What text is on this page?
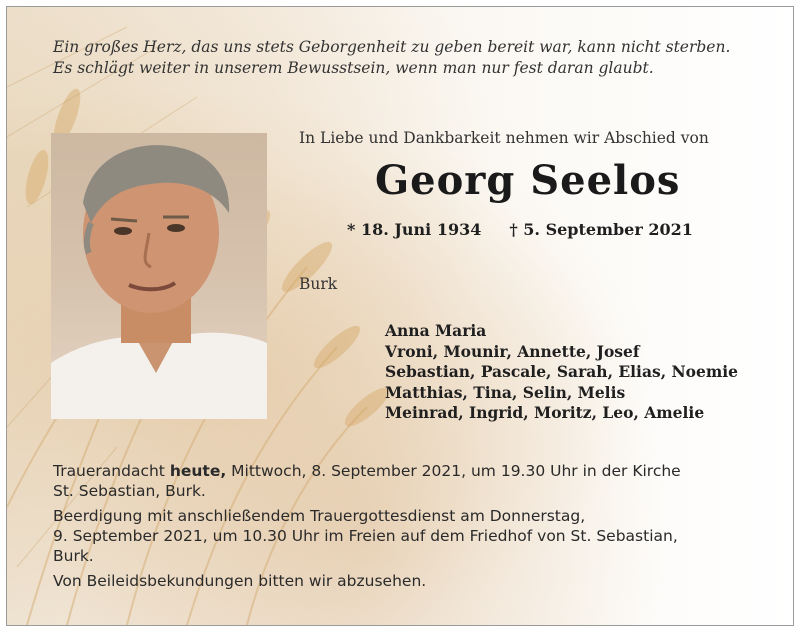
Ein großes Herz, das uns stets Geborgenheit zu geben bereit war, kann nicht sterben.
Es schlägt weiter in unserem Bewusstsein, wenn man nur fest daran glaubt.
In Liebe und Dankbarkeit nehmen wir Abschied von
Georg Seelos
* 18. Juni 1934 † 5. September 2021
Burk
Anna Maria
Vroni, Mounir, Annette, Josef
Sebastian, Pascale, Sarah, Elias, Noemie
Matthias, Tina, Selin, Melis
Meinrad, Ingrid, Moritz, Leo, Amelie

Trauerandacht heute, Mittwoch, 8. September 2021, um 19.30 Uhr in der Kirche
St. Sebastian, Burk.

Beerdigung mit anschließendem Trauergottesdienst am Donnerstag,
9. September 2021, um 10.30 Uhr im Freien auf dem Friedhof von St. Sebastian,
Burk.

Von Beileidsbekundungen bitten wir abzusehen.
